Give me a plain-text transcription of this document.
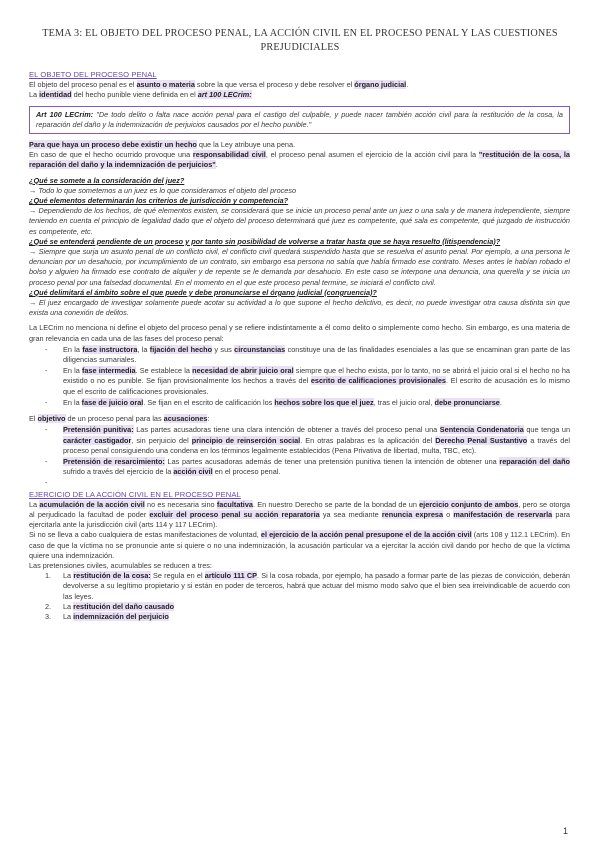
TEMA 3: EL OBJETO DEL PROCESO PENAL, LA ACCIÓN CIVIL EN EL PROCESO PENAL Y LAS CUESTIONES PREJUDICIALES

EL OBJETO DEL PROCESO PENAL

El objeto del proceso penal es el asunto o materia sobre la que versa el proceso y debe resolver el órgano judicial.

La identidad del hecho punible viene definida en el art 100 LECrim:

Art 100 LECrim: "De todo delito o falta nace acción penal para el castigo del culpable, y puede nacer también acción civil para la restitución de la cosa, la reparación del daño y la indemnización de perjuicios causados por el hecho punible."

Para que haya un proceso debe existir un hecho que la Ley atribuye una pena.

En caso de que el hecho ocurrido provoque una responsabilidad civil, el proceso penal asumen el ejercicio de la acción civil para la "restitución de la cosa, la reparación del daño y la indemnización de perjuicios".

¿Qué se somete a la consideración del juez?

→ Todo lo que sometemos a un juez es lo que consideramos el objeto del proceso

¿Qué elementos determinarán los criterios de jurisdicción y competencia?

→ Dependiendo de los hechos, de qué elementos existen, se considerará que se inicie un proceso penal ante un juez o una sala y de manera independiente, siempre teniendo en cuenta el principio de legalidad dado que el objeto del proceso determinará qué juez es competente, qué sala es competente, qué juzgado de instrucción es competente, etc.

¿Qué se entenderá pendiente de un proceso y por tanto sin posibilidad de volverse a tratar hasta que se haya resuelto (litispendencia)?

→ Siempre que surja un asunto penal de un conflicto civil, el conflicto civil quedará suspendido hasta que se resuelva el asunto penal. Por ejemplo, a una persona le denuncian por un desahucio, por incumplimiento de un contrato, sin embargo esa persona no sabía que había firmado ese contrato. Meses antes le habían robado el bolso y alguien ha firmado ese contrato de alquiler y de repente se le demanda por desahucio. En este caso se interpone una denuncia, una querella y se inicia un proceso penal por una falsedad documental. En el momento en el que este proceso penal termine, se iniciará el conflicto civil.

¿Qué delimitará el ámbito sobre el que puede y debe pronunciarse el órgano judicial (congruencia)?

→ El juez encargado de investigar solamente puede acotar su actividad a lo que supone el hecho delictivo, es decir, no puede investigar otra causa distinta sin que exista una conexión de delitos.

La LECrim no menciona ni define el objeto del proceso penal y se refiere indistintamente a él como delito o simplemente como hecho. Sin embargo, es una materia de gran relevancia en cada una de las fases del proceso penal:

- En la fase instructora, la fijación del hecho y sus circunstancias constituye una de las finalidades esenciales a las que se encaminan gran parte de las diligencias sumariales.
- En la fase intermedia. Se establece la necesidad de abrir juicio oral siempre que el hecho exista, por lo tanto, no se abrirá el juicio oral si el hecho no ha existido o no es punible. Se fijan provisionalmente los hechos a través del escrito de calificaciones provisionales. El escrito de acusación es lo mismo que el escrito de calificaciones provisionales.
- En la fase de juicio oral. Se fijan en el escrito de calificación los hechos sobre los que el juez, tras el juicio oral, debe pronunciarse.

El objetivo de un proceso penal para las acusaciones:

- Pretensión punitiva: Las partes acusadoras tiene una clara intención de obtener a través del proceso penal una Sentencia Condenatoria que tenga un carácter castigador, sin perjuicio del principio de reinserción social. En otras palabras es la aplicación del Derecho Penal Sustantivo a través del proceso penal consiguiendo una condena en los términos legalmente establecidos (Pena Privativa de libertad, multa, TBC, etc).
- Pretensión de resarcimiento: Las partes acusadoras además de tener una pretensión punitiva tienen la intención de obtener una reparación del daño sufrido a través del ejercicio de la acción civil en el proceso penal.
-

EJERCICIO DE LA ACCIÓN CIVIL EN EL PROCESO PENAL

La acumulación de la acción civil no es necesaria sino facultativa. En nuestro Derecho se parte de la bondad de un ejercicio conjunto de ambos, pero se otorga al perjudicado la facultad de poder excluir del proceso penal su acción reparatoria ya sea mediante renuncia expresa o manifestación de reservarla para ejercitarla ante la jurisdicción civil (arts 114 y 117 LECrim).

Si no se lleva a cabo cualquiera de estas manifestaciones de voluntad, el ejercicio de la acción penal presupone el de la acción civil (arts 108 y 112.1 LECrim). En caso de que la víctima no se pronuncie ante si quiere o no una indemnización, la acusación particular va a ejercitar la acción civil dando por hecho de que la víctima quiere una indemnización.

Las pretensiones civiles, acumulables se reducen a tres:

1. La restitución de la cosa: Se regula en el artículo 111 CP. Si la cosa robada, por ejemplo, ha pasado a formar parte de las piezas de convicción, deberán devolverse a su legítimo propietario y si están en poder de terceros, habrá que actuar del mismo modo salvo que el bien sea irreivindicable de acuerdo con las leyes.
2. La restitución del daño causado
3. La indemnización del perjuicio
1
